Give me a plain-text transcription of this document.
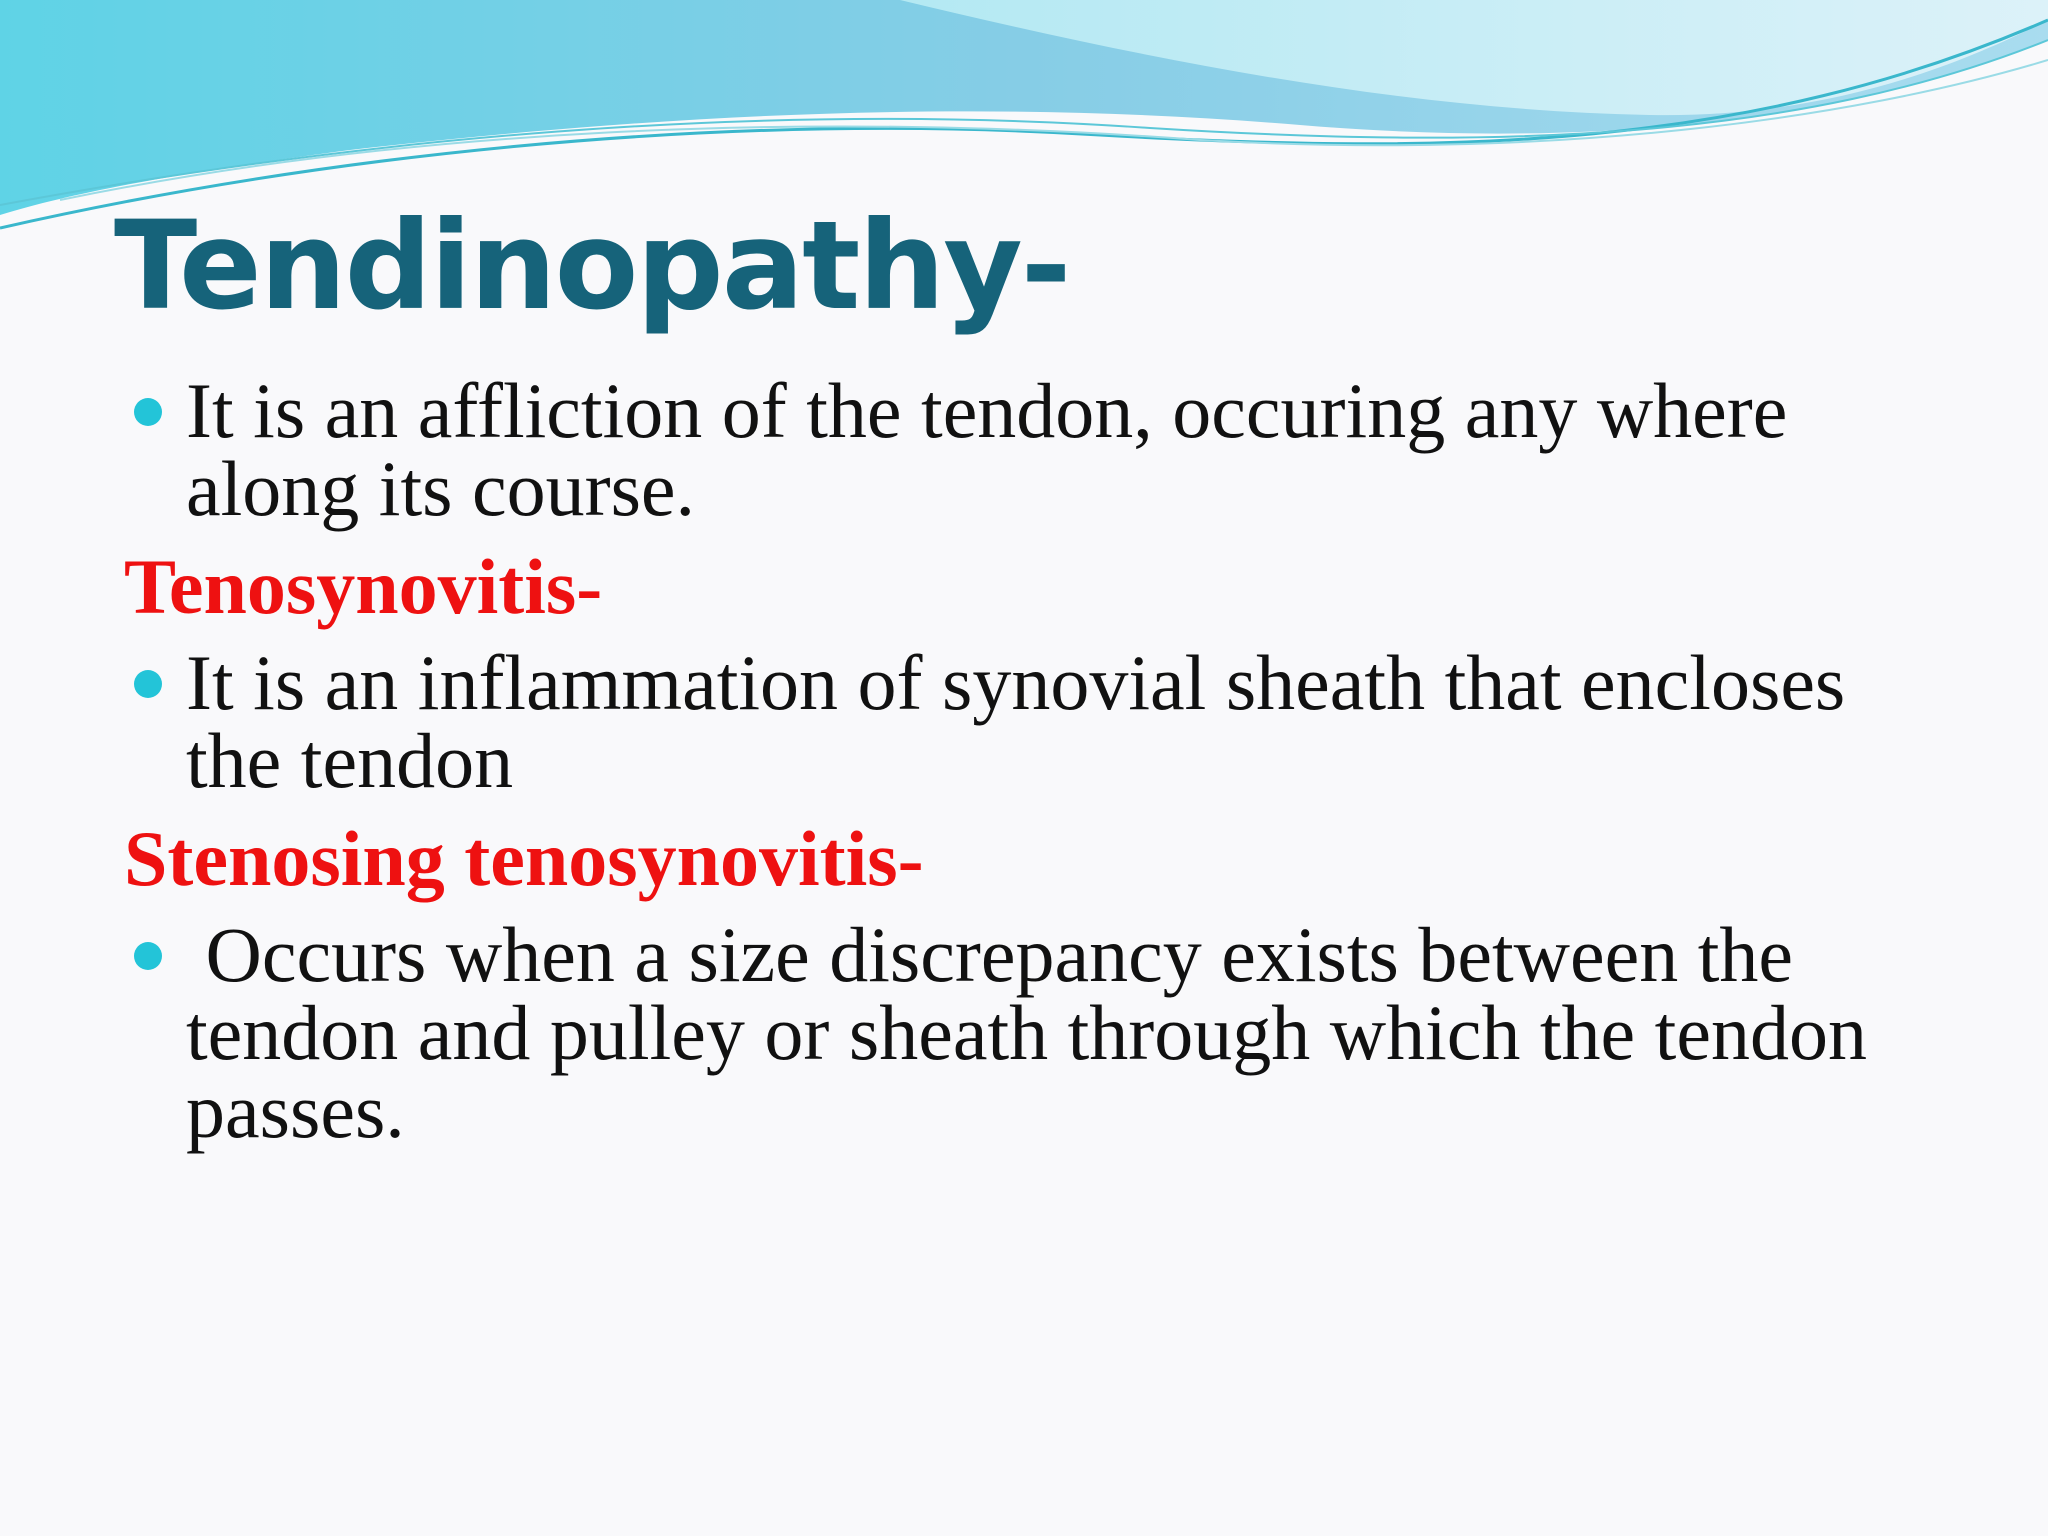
Tendinopathy-
It is an affliction of the tendon, occuring any where along its course.
Tenosynovitis-
It is an inflammation of synovial sheath that encloses the tendon
Stenosing tenosynovitis-
Occurs when a size discrepancy exists between the tendon and pulley or sheath through which the tendon passes.
